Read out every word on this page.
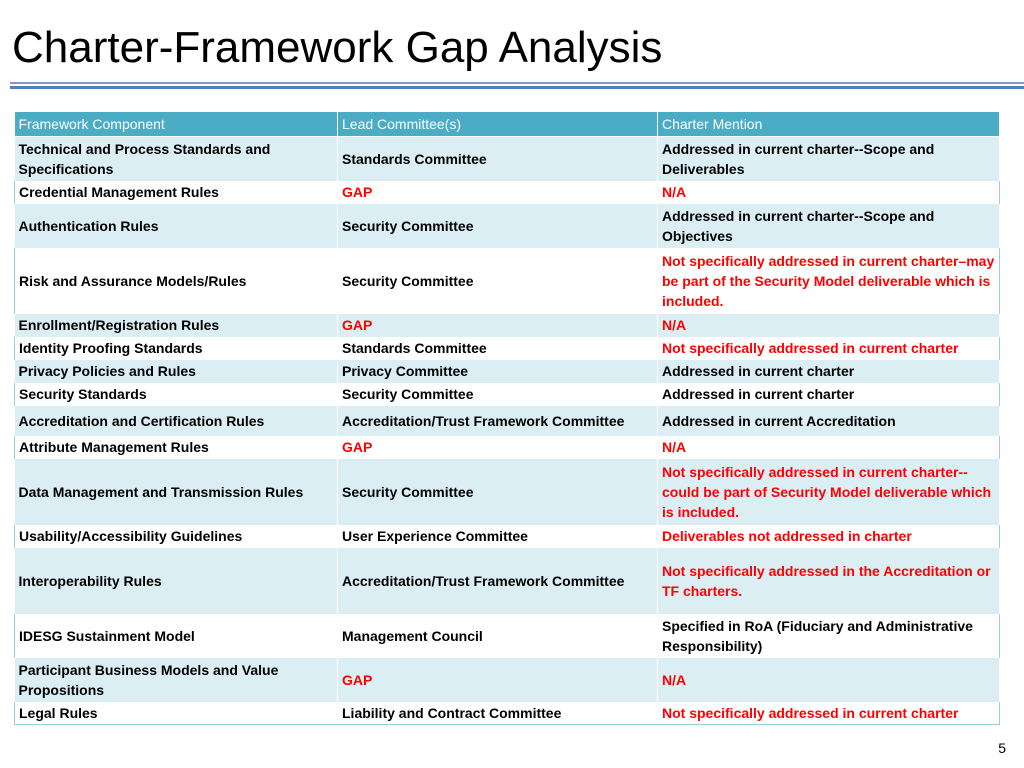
Charter-Framework Gap Analysis
Framework Component	Lead Committee(s)	Charter Mention
Technical and Process Standards and Specifications	Standards Committee	Addressed in current charter--Scope and Deliverables
Credential Management Rules	GAP	N/A
Authentication Rules	Security Committee	Addressed in current charter--Scope and Objectives
Risk and Assurance Models/Rules	Security Committee	Not specifically addressed in current charter–may be part of the Security Model deliverable which is included.
Enrollment/Registration Rules	GAP	N/A
Identity Proofing Standards	Standards Committee	Not specifically addressed in current charter
Privacy Policies and Rules	Privacy Committee	Addressed in current charter
Security Standards	Security Committee	Addressed in current charter
Accreditation and Certification Rules	Accreditation/Trust Framework Committee	Addressed in current Accreditation
Attribute Management Rules	GAP	N/A
Data Management and Transmission Rules	Security Committee	Not specifically addressed in current charter--could be part of Security Model deliverable which is included.
Usability/Accessibility Guidelines	User Experience Committee	Deliverables not addressed in charter
Interoperability Rules	Accreditation/Trust Framework Committee	Not specifically addressed in the Accreditation or TF charters.
IDESG Sustainment Model	Management Council	Specified in RoA (Fiduciary and Administrative Responsibility)
Participant Business Models and Value Propositions	GAP	N/A
Legal Rules	Liability and Contract Committee	Not specifically addressed in current charter
5
